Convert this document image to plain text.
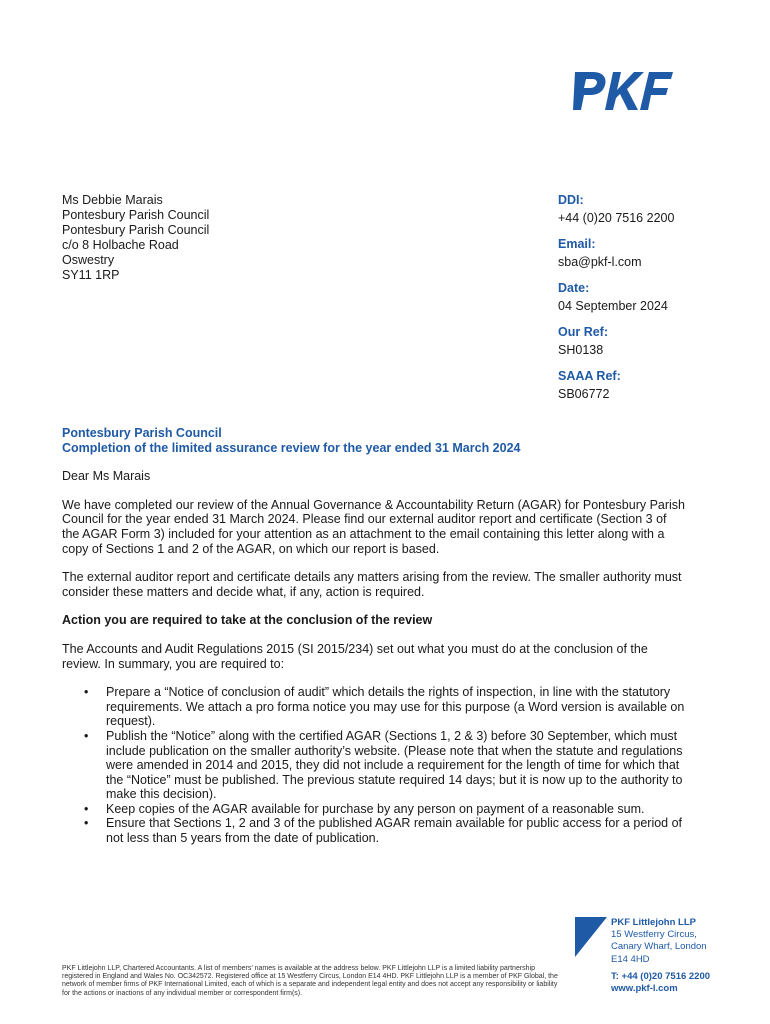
Ms Debbie Marais
Pontesbury Parish Council
Pontesbury Parish Council
c/o 8 Holbache Road
Oswestry
SY11 1RP
DDI:
+44 (0)20 7516 2200
Email:
sba@pkf-l.com
Date:
04 September 2024
Our Ref:
SH0138
SAAA Ref:
SB06772
Pontesbury Parish Council
Completion of the limited assurance review for the year ended 31 March 2024

Dear Ms Marais

We have completed our review of the Annual Governance & Accountability Return (AGAR) for Pontesbury Parish Council for the year ended 31 March 2024. Please find our external auditor report and certificate (Section 3 of the AGAR Form 3) included for your attention as an attachment to the email containing this letter along with a copy of Sections 1 and 2 of the AGAR, on which our report is based.

The external auditor report and certificate details any matters arising from the review. The smaller authority must consider these matters and decide what, if any, action is required.

Action you are required to take at the conclusion of the review

The Accounts and Audit Regulations 2015 (SI 2015/234) set out what you must do at the conclusion of the review. In summary, you are required to:

• Prepare a “Notice of conclusion of audit” which details the rights of inspection, in line with the statutory requirements. We attach a pro forma notice you may use for this purpose (a Word version is available on request).
• Publish the “Notice” along with the certified AGAR (Sections 1, 2 & 3) before 30 September, which must include publication on the smaller authority’s website. (Please note that when the statute and regulations were amended in 2014 and 2015, they did not include a requirement for the length of time for which that the “Notice” must be published. The previous statute required 14 days; but it is now up to the authority to make this decision).
• Keep copies of the AGAR available for purchase by any person on payment of a reasonable sum.
• Ensure that Sections 1, 2 and 3 of the published AGAR remain available for public access for a period of not less than 5 years from the date of publication.
PKF Littlejohn LLP, Chartered Accountants. A list of members’ names is available at the address below. PKF Littlejohn LLP is a limited liability partnership registered in England and Wales No. OC342572. Registered office at 15 Westferry Circus, London E14 4HD. PKF Littlejohn LLP is a member of PKF Global, the network of member firms of PKF International Limited, each of which is a separate and independent legal entity and does not accept any responsibility or liability for the actions or inactions of any individual member or correspondent firm(s).
PKF Littlejohn LLP
15 Westferry Circus,
Canary Wharf, London
E14 4HD
T: +44 (0)20 7516 2200
www.pkf-l.com
